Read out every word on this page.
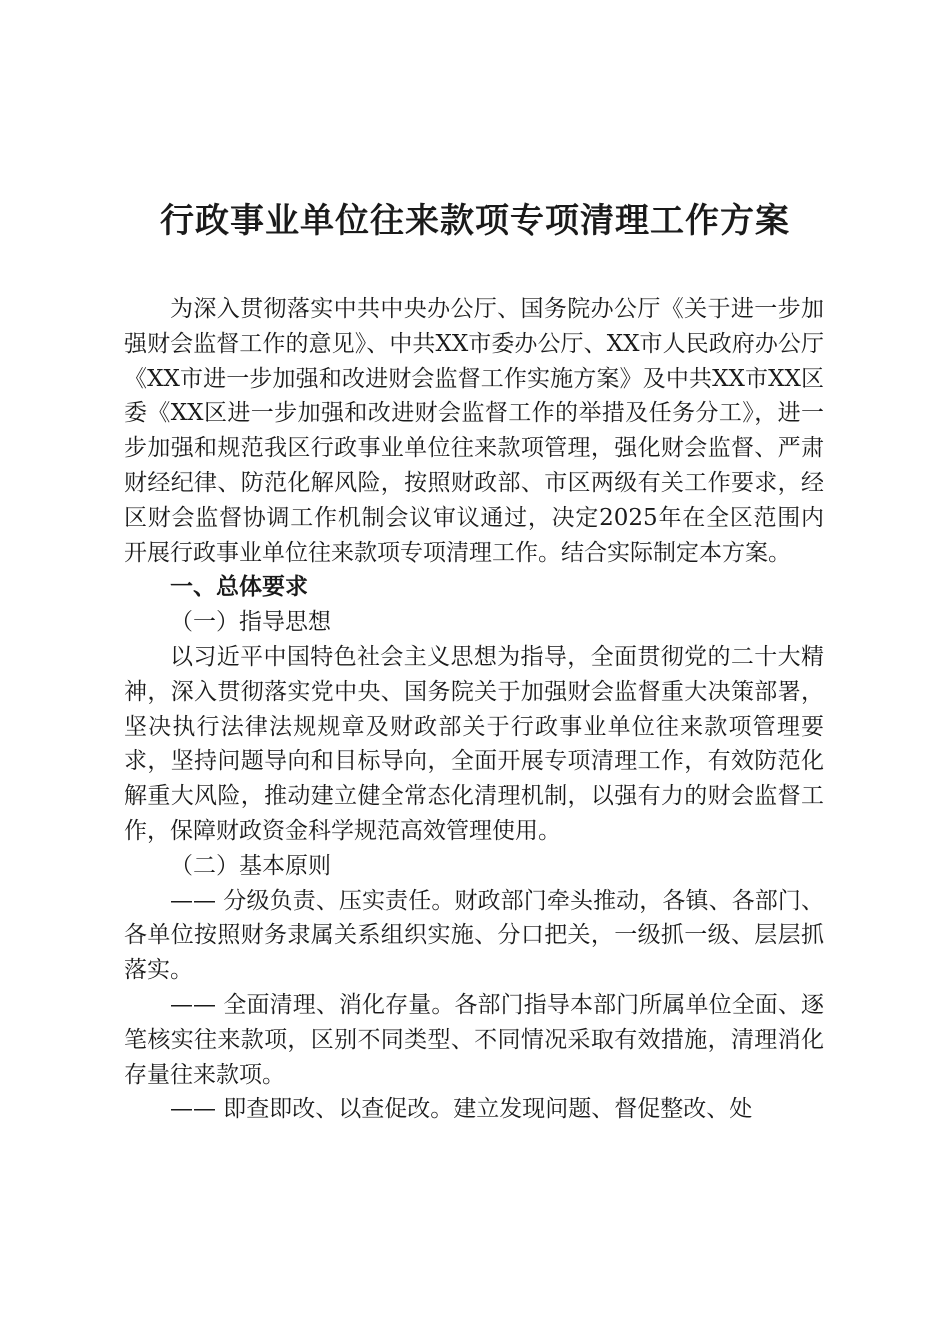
行政事业单位往来款项专项清理工作方案

为深入贯彻落实中共中央办公厅、国务院办公厅《关于进一步加强财会监督工作的意见》、中共XX市委办公厅、XX市人民政府办公厅《XX市进一步加强和改进财会监督工作实施方案》及中共XX市XX区委《XX区进一步加强和改进财会监督工作的举措及任务分工》，进一步加强和规范我区行政事业单位往来款项管理，强化财会监督、严肃财经纪律、防范化解风险，按照财政部、市区两级有关工作要求，经区财会监督协调工作机制会议审议通过，决定2025年在全区范围内开展行政事业单位往来款项专项清理工作。结合实际制定本方案。

一、总体要求

（一）指导思想

以习近平中国特色社会主义思想为指导，全面贯彻党的二十大精神，深入贯彻落实党中央、国务院关于加强财会监督重大决策部署，坚决执行法律法规规章及财政部关于行政事业单位往来款项管理要求，坚持问题导向和目标导向，全面开展专项清理工作，有效防范化解重大风险，推动建立健全常态化清理机制，以强有力的财会监督工作，保障财政资金科学规范高效管理使用。

（二）基本原则

—— 分级负责、压实责任。财政部门牵头推动，各镇、各部门、各单位按照财务隶属关系组织实施、分口把关，一级抓一级、层层抓落实。

—— 全面清理、消化存量。各部门指导本部门所属单位全面、逐笔核实往来款项，区别不同类型、不同情况采取有效措施，清理消化存量往来款项。

—— 即查即改、以查促改。建立发现问题、督促整改、处
